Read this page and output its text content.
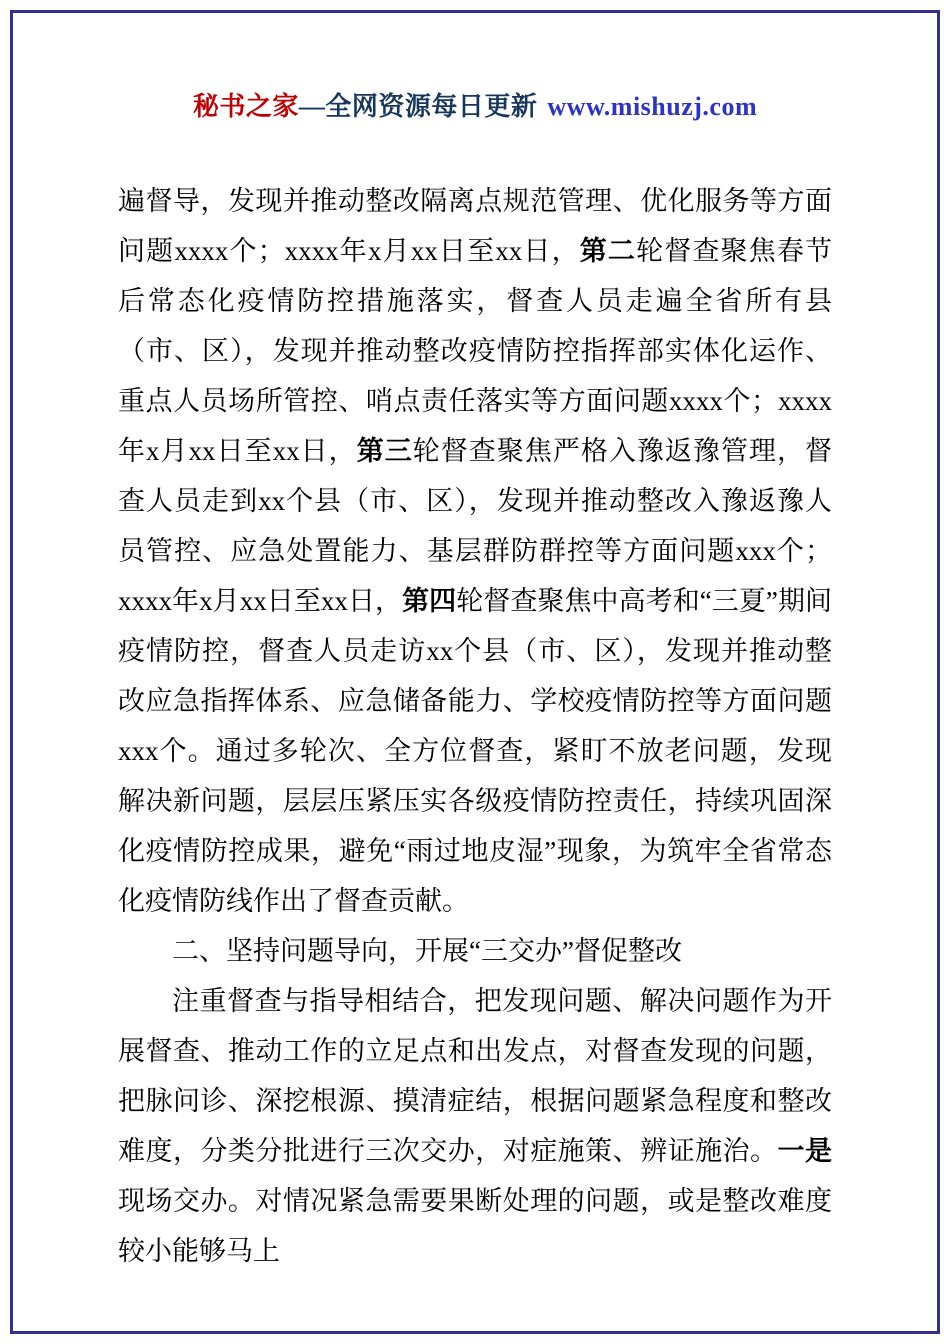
秘书之家—全网资源每日更新 www.mishuzj.com

遍督导，发现并推动整改隔离点规范管理、优化服务等方面问题xxxx个；xxxx年x月xx日至xx日，第二轮督查聚焦春节后常态化疫情防控措施落实，督查人员走遍全省所有县（市、区），发现并推动整改疫情防控指挥部实体化运作、重点人员场所管控、哨点责任落实等方面问题xxxx个；xxxx年x月xx日至xx日，第三轮督查聚焦严格入豫返豫管理，督查人员走到xx个县（市、区），发现并推动整改入豫返豫人员管控、应急处置能力、基层群防群控等方面问题xxx个；xxxx年x月xx日至xx日，第四轮督查聚焦中高考和“三夏”期间疫情防控，督查人员走访xx个县（市、区），发现并推动整改应急指挥体系、应急储备能力、学校疫情防控等方面问题xxx个。通过多轮次、全方位督查，紧盯不放老问题，发现解决新问题，层层压紧压实各级疫情防控责任，持续巩固深化疫情防控成果，避免“雨过地皮湿”现象，为筑牢全省常态化疫情防线作出了督查贡献。

二、坚持问题导向，开展“三交办”督促整改

注重督查与指导相结合，把发现问题、解决问题作为开展督查、推动工作的立足点和出发点，对督查发现的问题，把脉问诊、深挖根源、摸清症结，根据问题紧急程度和整改难度，分类分批进行三次交办，对症施策、辨证施治。一是现场交办。对情况紧急需要果断处理的问题，或是整改难度较小能够马上
